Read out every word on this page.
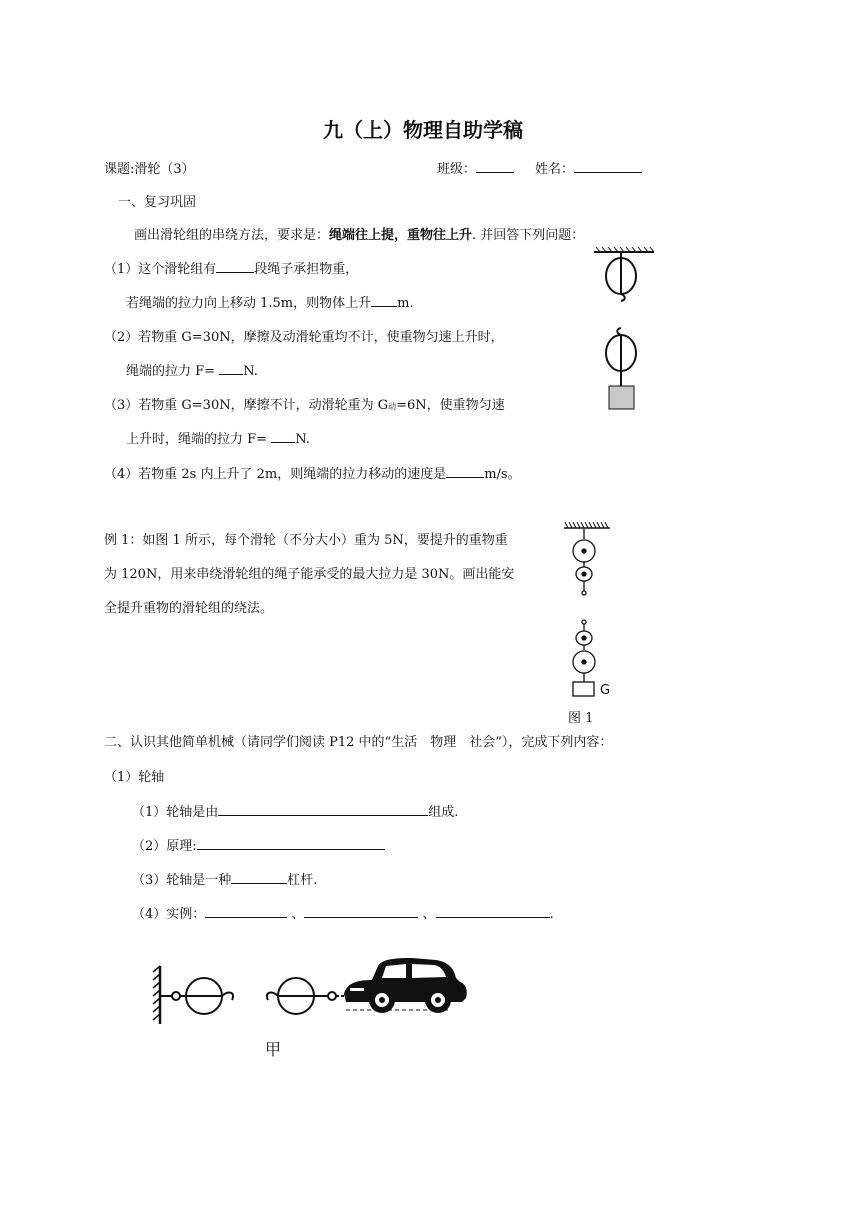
九（上）物理自助学稿
课题:滑轮（3）	班级：	姓名：
一、复习巩固
画出滑轮组的串绕方法，要求是：绳端往上提，重物往上升. 并回答下列问题：
（1）这个滑轮组有	段绳子承担物重，
若绳端的拉力向上移动 1.5m，则物体上升 m.
（2）若物重 G=30N，摩擦及动滑轮重均不计，使重物匀速上升时，
绳端的拉力 F= N.
（3）若物重 G=30N，摩擦不计，动滑轮重为 G动=6N，使重物匀速
上升时，绳端的拉力 F= N.
（4）若物重 2s 内上升了 2m，则绳端的拉力移动的速度是	m/s。
例 1：如图 1 所示，每个滑轮（不分大小）重为 5N，要提升的重物重
为 120N，用来串绕滑轮组的绳子能承受的最大拉力是 30N。画出能安
全提升重物的滑轮组的绕法。
G
图 1
二、认识其他简单机械（请同学们阅读 P12 中的“生活　物理　社会”），完成下列内容：
（1）轮轴
（1）轮轴是由	组成.
（2）原理:
（3）轮轴是一种	杠杆.
（4）实例：	、	、	.
甲
